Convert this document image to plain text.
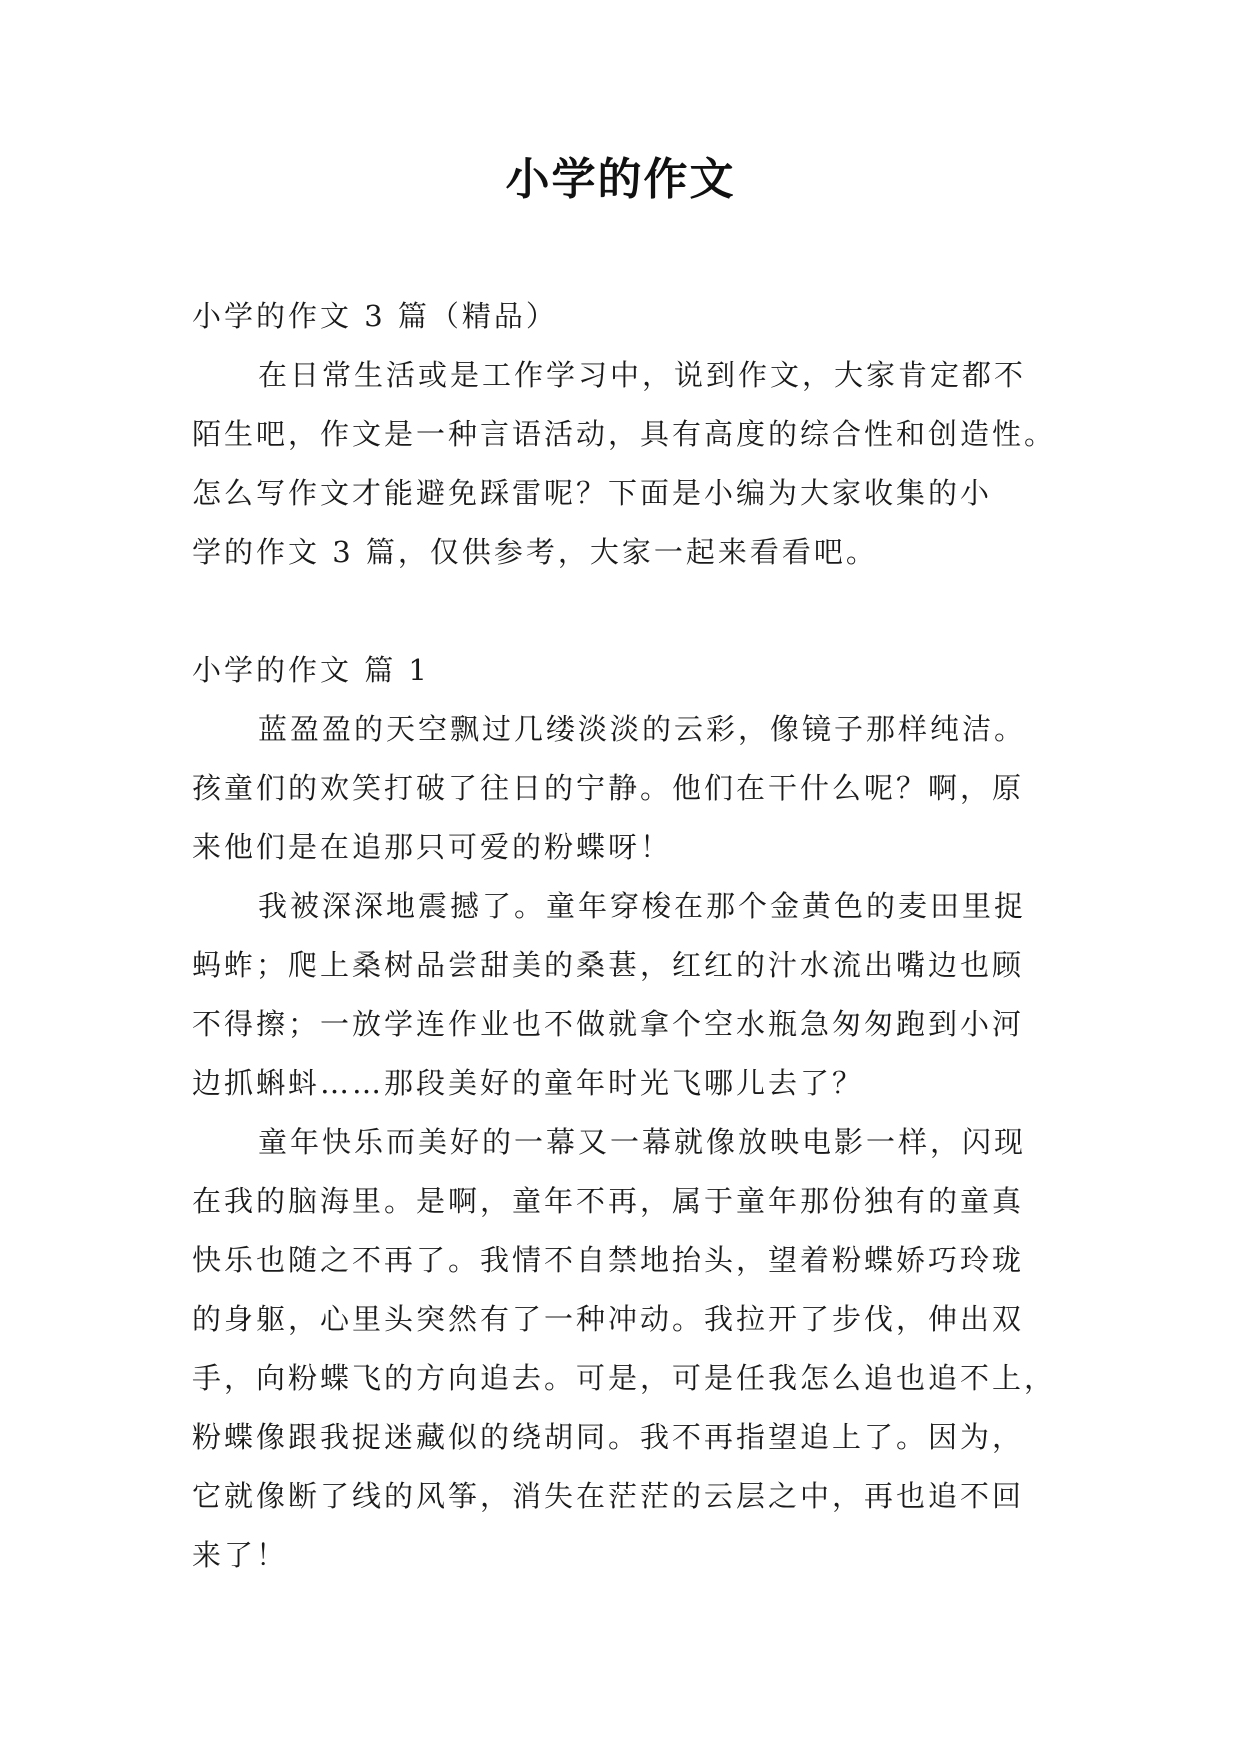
小学的作文

小学的作文 3 篇（精品）

在日常生活或是工作学习中，说到作文，大家肯定都不

陌生吧，作文是一种言语活动，具有高度的综合性和创造性。

怎么写作文才能避免踩雷呢？下面是小编为大家收集的小

学的作文 3 篇，仅供参考，大家一起来看看吧。

小学的作文 篇 1

蓝盈盈的天空飘过几缕淡淡的云彩，像镜子那样纯洁。

孩童们的欢笑打破了往日的宁静。他们在干什么呢？啊，原

来他们是在追那只可爱的粉蝶呀！

我被深深地震撼了。童年穿梭在那个金黄色的麦田里捉

蚂蚱；爬上桑树品尝甜美的桑葚，红红的汁水流出嘴边也顾

不得擦；一放学连作业也不做就拿个空水瓶急匆匆跑到小河

边抓蝌蚪……那段美好的童年时光飞哪儿去了？

童年快乐而美好的一幕又一幕就像放映电影一样，闪现

在我的脑海里。是啊，童年不再，属于童年那份独有的童真

快乐也随之不再了。我情不自禁地抬头，望着粉蝶娇巧玲珑

的身躯，心里头突然有了一种冲动。我拉开了步伐，伸出双

手，向粉蝶飞的方向追去。可是，可是任我怎么追也追不上，

粉蝶像跟我捉迷藏似的绕胡同。我不再指望追上了。因为，

它就像断了线的风筝，消失在茫茫的云层之中，再也追不回

来了！
